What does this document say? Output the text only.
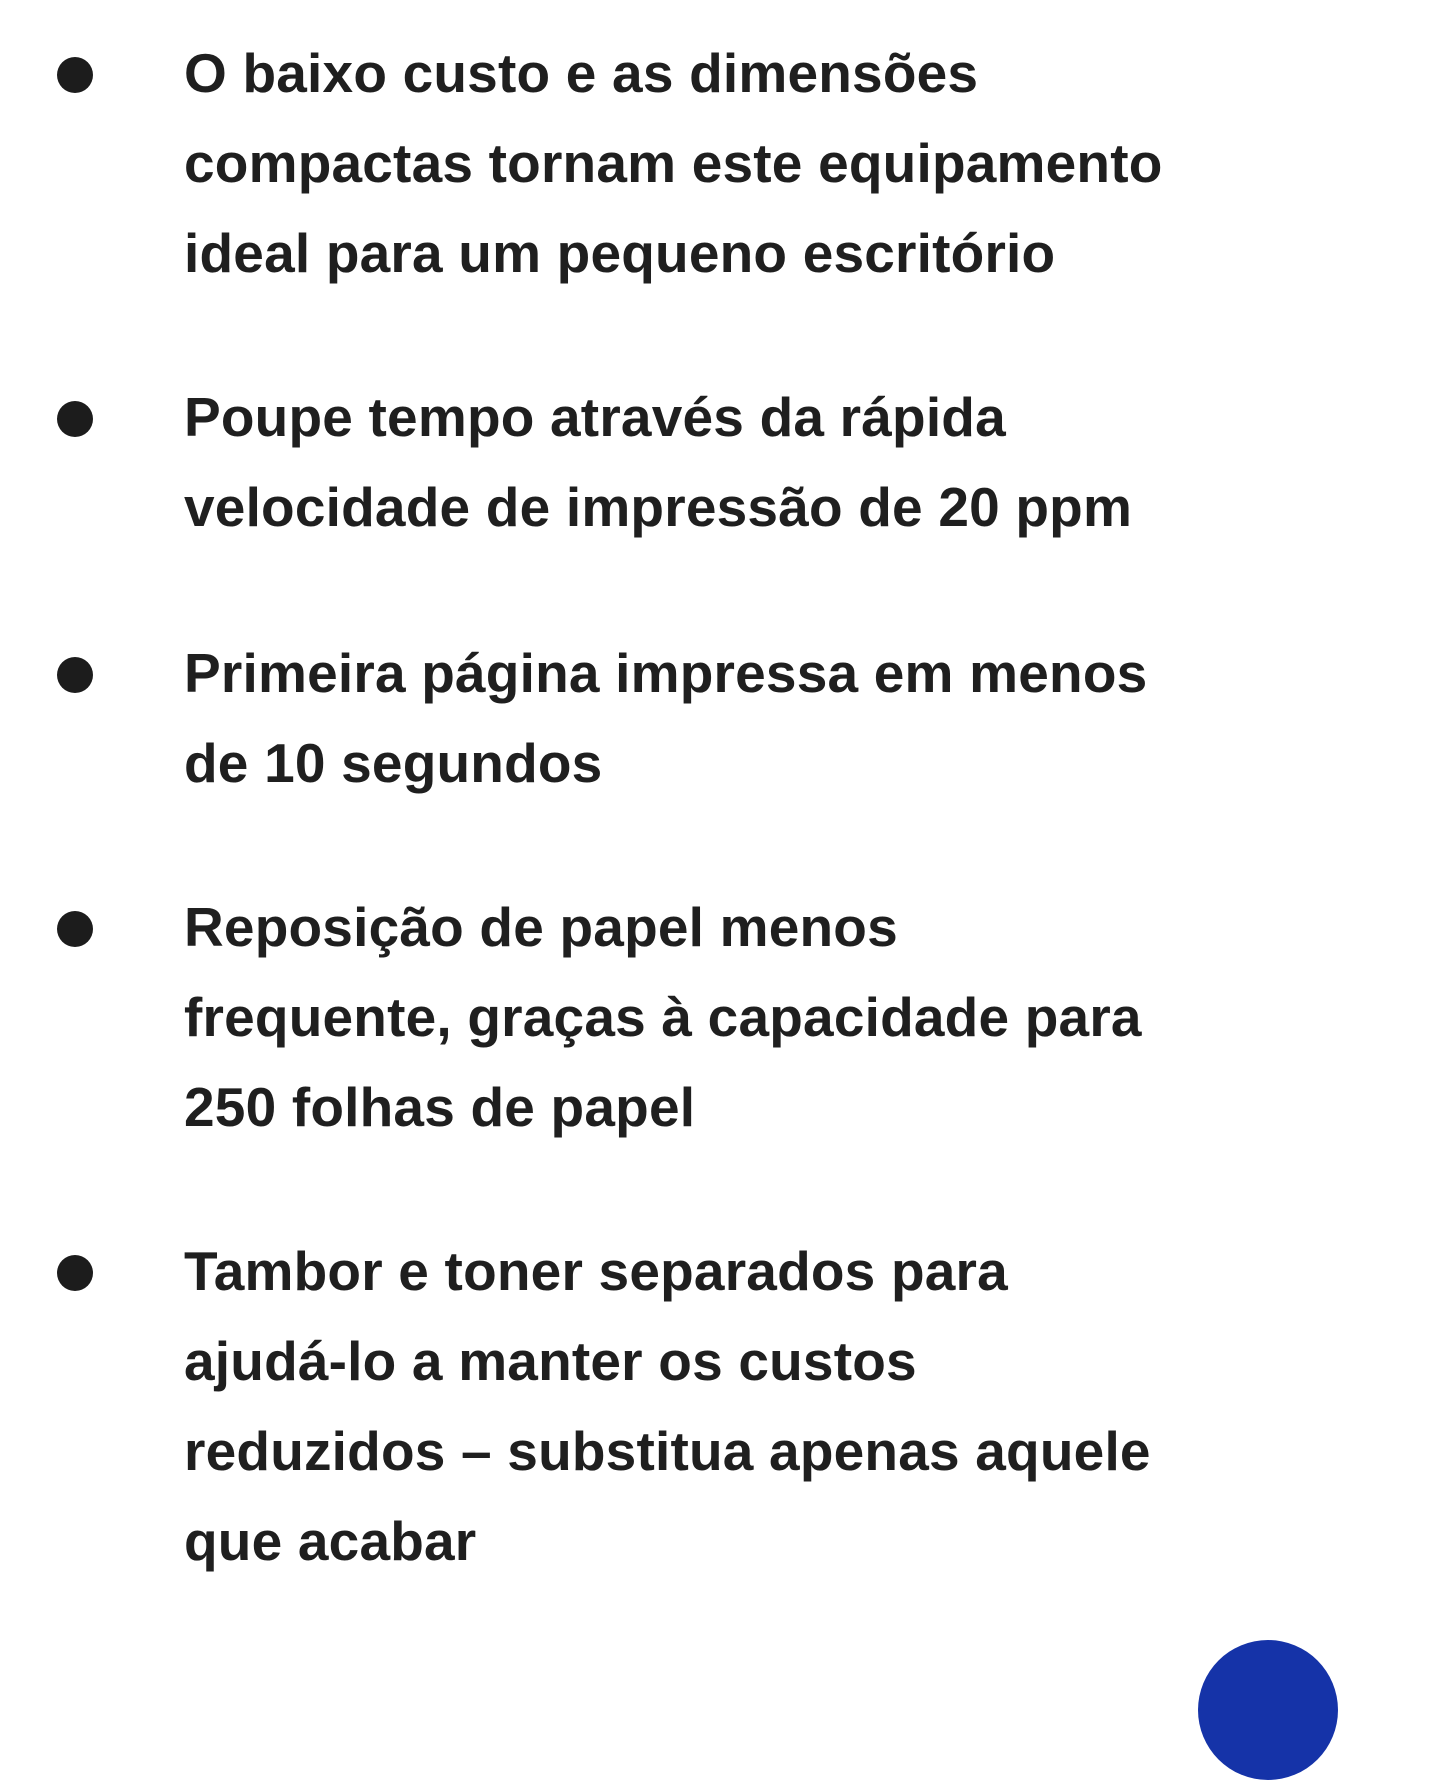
O baixo custo e as dimensões
compactas tornam este equipamento
ideal para um pequeno escritório
Poupe tempo através da rápida
velocidade de impressão de 20 ppm
Primeira página impressa em menos
de 10 segundos
Reposição de papel menos
frequente, graças à capacidade para
250 folhas de papel
Tambor e toner separados para
ajudá-lo a manter os custos
reduzidos – substitua apenas aquele
que acabar
